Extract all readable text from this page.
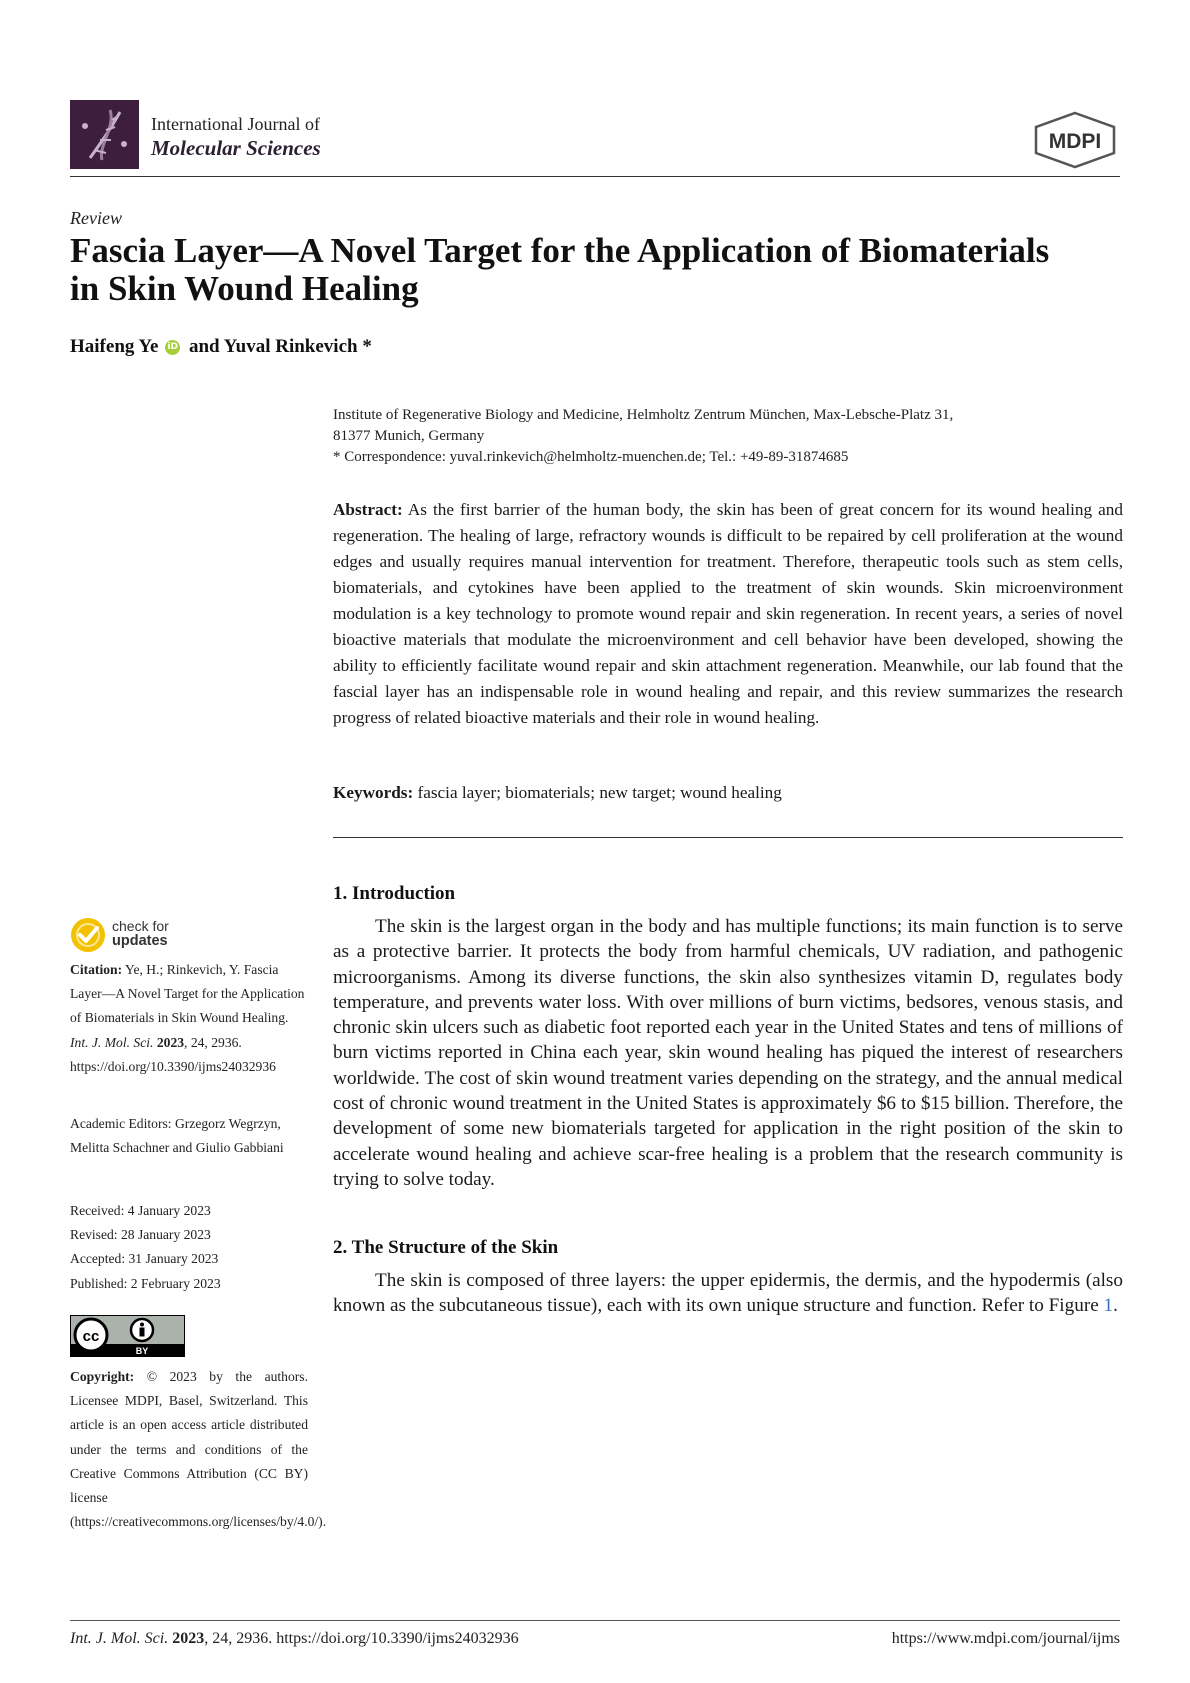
International Journal of
Molecular Sciences	MDPI
Review
Fascia Layer—A Novel Target for the Application of Biomaterials in Skin Wound Healing
Haifeng Ye iD and Yuval Rinkevich *
Institute of Regenerative Biology and Medicine, Helmholtz Zentrum München, Max-Lebsche-Platz 31,
81377 Munich, Germany
* Correspondence: yuval.rinkevich@helmholtz-muenchen.de; Tel.: +49-89-31874685
Abstract: As the first barrier of the human body, the skin has been of great concern for its wound healing and regeneration. The healing of large, refractory wounds is difficult to be repaired by cell proliferation at the wound edges and usually requires manual intervention for treatment. Therefore, therapeutic tools such as stem cells, biomaterials, and cytokines have been applied to the treatment of skin wounds. Skin microenvironment modulation is a key technology to promote wound repair and skin regeneration. In recent years, a series of novel bioactive materials that modulate the microenvironment and cell behavior have been developed, showing the ability to efficiently facilitate wound repair and skin attachment regeneration. Meanwhile, our lab found that the fascial layer has an indispensable role in wound healing and repair, and this review summarizes the research progress of related bioactive materials and their role in wound healing.
Keywords: fascia layer; biomaterials; new target; wound healing
1. Introduction
The skin is the largest organ in the body and has multiple functions; its main function is to serve as a protective barrier. It protects the body from harmful chemicals, UV radiation, and pathogenic microorganisms. Among its diverse functions, the skin also synthesizes vitamin D, regulates body temperature, and prevents water loss. With over millions of burn victims, bedsores, venous stasis, and chronic skin ulcers such as diabetic foot reported each year in the United States and tens of millions of burn victims reported in China each year, skin wound healing has piqued the interest of researchers worldwide. The cost of skin wound treatment varies depending on the strategy, and the annual medical cost of chronic wound treatment in the United States is approximately $6 to $15 billion. Therefore, the development of some new biomaterials targeted for application in the right position of the skin to accelerate wound healing and achieve scar-free healing is a problem that the research community is trying to solve today.
2. The Structure of the Skin
The skin is composed of three layers: the upper epidermis, the dermis, and the hypodermis (also known as the subcutaneous tissue), each with its own unique structure and function. Refer to Figure 1.
check for
updates
Citation: Ye, H.; Rinkevich, Y. Fascia Layer—A Novel Target for the Application of Biomaterials in Skin Wound Healing. Int. J. Mol. Sci. 2023, 24, 2936. https://doi.org/10.3390/ijms24032936
Academic Editors: Grzegorz Wegrzyn, Melitta Schachner and Giulio Gabbiani
Received: 4 January 2023
Revised: 28 January 2023
Accepted: 31 January 2023
Published: 2 February 2023
cc
BY
Copyright: © 2023 by the authors. Licensee MDPI, Basel, Switzerland. This article is an open access article distributed under the terms and conditions of the Creative Commons Attribution (CC BY) license (https://creativecommons.org/licenses/by/4.0/).
Int. J. Mol. Sci. 2023, 24, 2936. https://doi.org/10.3390/ijms24032936	https://www.mdpi.com/journal/ijms
